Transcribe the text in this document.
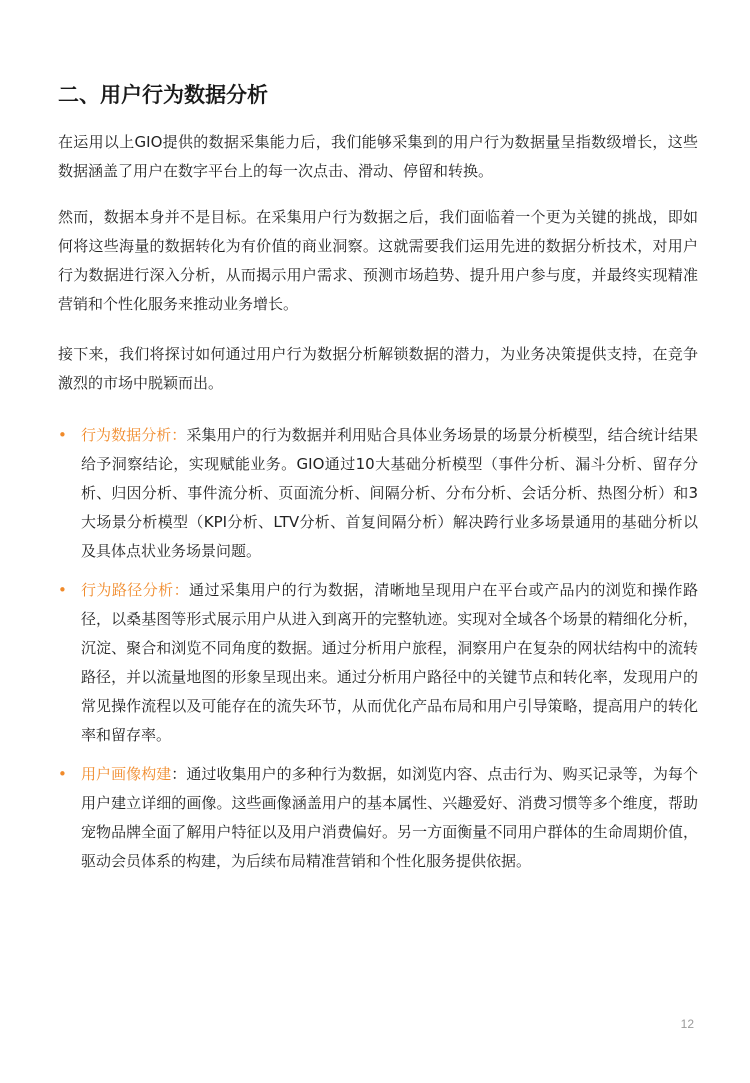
二、用户行为数据分析

在运用以上GIO提供的数据采集能力后，我们能够采集到的用户行为数据量呈指数级增长，这些数据涵盖了用户在数字平台上的每一次点击、滑动、停留和转换。

然而，数据本身并不是目标。在采集用户行为数据之后，我们面临着一个更为关键的挑战，即如何将这些海量的数据转化为有价值的商业洞察。这就需要我们运用先进的数据分析技术，对用户行为数据进行深入分析，从而揭示用户需求、预测市场趋势、提升用户参与度，并最终实现精准营销和个性化服务来推动业务增长。

接下来，我们将探讨如何通过用户行为数据分析解锁数据的潜力，为业务决策提供支持，在竞争激烈的市场中脱颖而出。

• 行为数据分析：采集用户的行为数据并利用贴合具体业务场景的场景分析模型，结合统计结果给予洞察结论，实现赋能业务。GIO通过10大基础分析模型（事件分析、漏斗分析、留存分析、归因分析、事件流分析、页面流分析、间隔分析、分布分析、会话分析、热图分析）和3大场景分析模型（KPI分析、LTV分析、首复间隔分析）解决跨行业多场景通用的基础分析以及具体点状业务场景问题。
• 行为路径分析：通过采集用户的行为数据，清晰地呈现用户在平台或产品内的浏览和操作路径，以桑基图等形式展示用户从进入到离开的完整轨迹。实现对全域各个场景的精细化分析，沉淀、聚合和浏览不同角度的数据。通过分析用户旅程，洞察用户在复杂的网状结构中的流转路径，并以流量地图的形象呈现出来。通过分析用户路径中的关键节点和转化率，发现用户的常见操作流程以及可能存在的流失环节，从而优化产品布局和用户引导策略，提高用户的转化率和留存率。
• 用户画像构建：通过收集用户的多种行为数据，如浏览内容、点击行为、购买记录等，为每个用户建立详细的画像。这些画像涵盖用户的基本属性、兴趣爱好、消费习惯等多个维度，帮助宠物品牌全面了解用户特征以及用户消费偏好。另一方面衡量不同用户群体的生命周期价值，驱动会员体系的构建，为后续布局精准营销和个性化服务提供依据。
12
